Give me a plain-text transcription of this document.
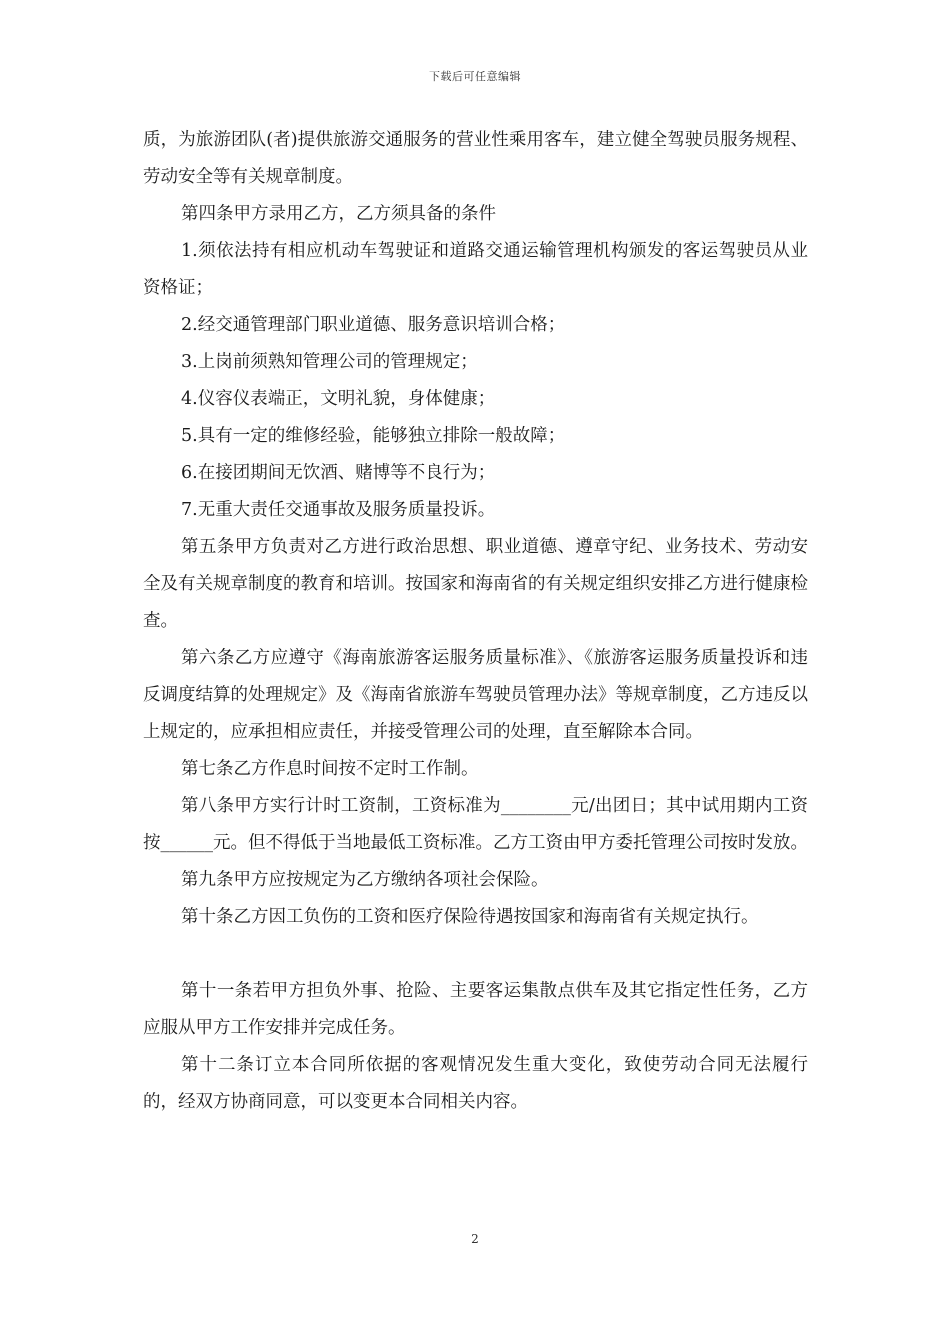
下载后可任意编辑

质，为旅游团队(者)提供旅游交通服务的营业性乘用客车，建立健全驾驶员服务规程、劳动安全等有关规章制度。

第四条甲方录用乙方，乙方须具备的条件

1.须依法持有相应机动车驾驶证和道路交通运输管理机构颁发的客运驾驶员从业资格证；

2.经交通管理部门职业道德、服务意识培训合格；

3.上岗前须熟知管理公司的管理规定；

4.仪容仪表端正，文明礼貌，身体健康；

5.具有一定的维修经验，能够独立排除一般故障；

6.在接团期间无饮酒、赌博等不良行为；

7.无重大责任交通事故及服务质量投诉。

第五条甲方负责对乙方进行政治思想、职业道德、遵章守纪、业务技术、劳动安全及有关规章制度的教育和培训。按国家和海南省的有关规定组织安排乙方进行健康检查。

第六条乙方应遵守《海南旅游客运服务质量标准》、《旅游客运服务质量投诉和违反调度结算的处理规定》及《海南省旅游车驾驶员管理办法》等规章制度，乙方违反以上规定的，应承担相应责任，并接受管理公司的处理，直至解除本合同。

第七条乙方作息时间按不定时工作制。

第八条甲方实行计时工资制，工资标准为________元/出团日；其中试用期内工资按______元。但不得低于当地最低工资标准。乙方工资由甲方委托管理公司按时发放。

第九条甲方应按规定为乙方缴纳各项社会保险。

第十条乙方因工负伤的工资和医疗保险待遇按国家和海南省有关规定执行。

第十一条若甲方担负外事、抢险、主要客运集散点供车及其它指定性任务，乙方应服从甲方工作安排并完成任务。

第十二条订立本合同所依据的客观情况发生重大变化，致使劳动合同无法履行的，经双方协商同意，可以变更本合同相关内容。

2
